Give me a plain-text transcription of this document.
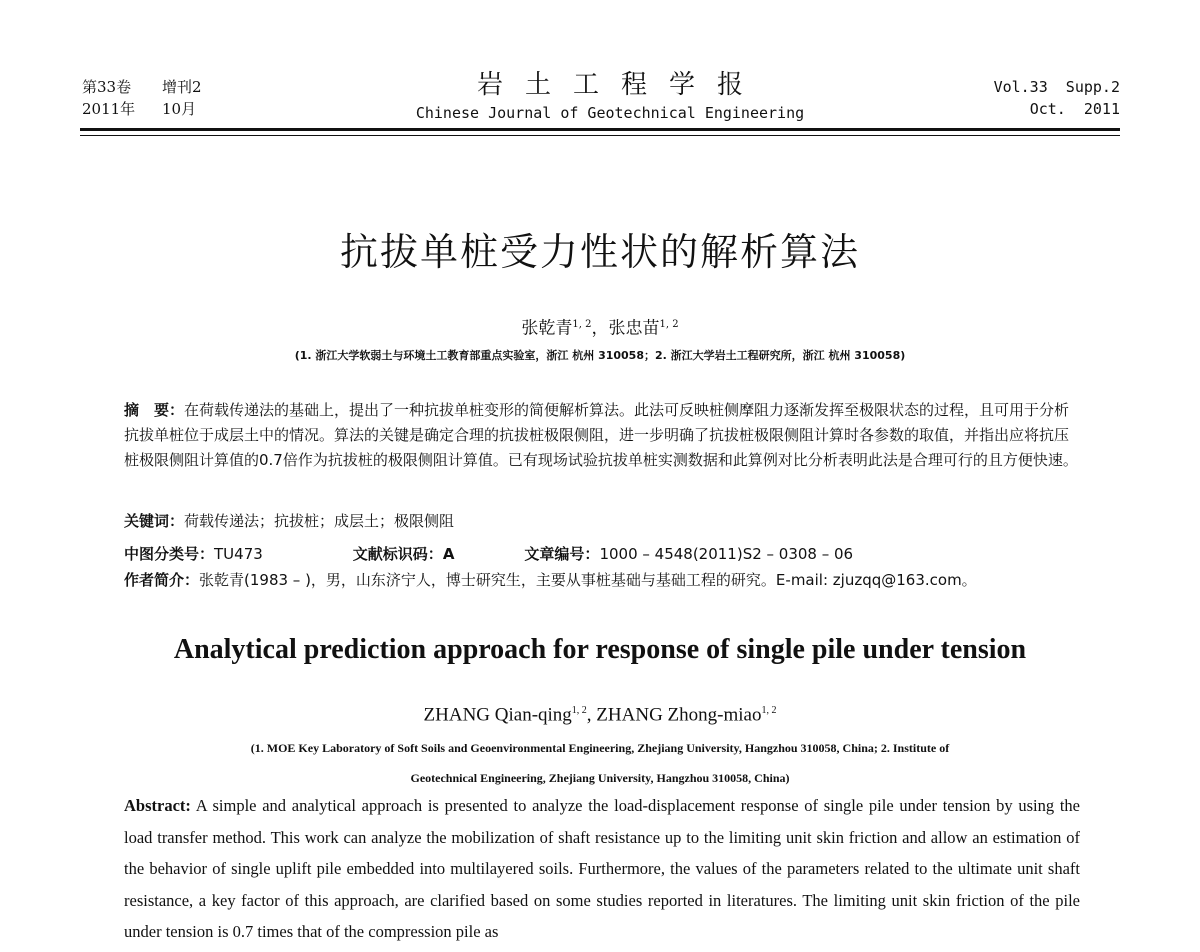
第33卷 增刊2
2011年 10月
岩土工程学报
Chinese Journal of Geotechnical Engineering
Vol.33  Supp.2
Oct.  2011
抗拔单桩受力性状的解析算法
张乾青$^{1, 2}$，张忠苗$^{1, 2}$
(1. 浙江大学软弱土与环境土工教育部重点实验室，浙江 杭州 310058；2. 浙江大学岩土工程研究所，浙江 杭州 310058)
摘　要：在荷载传递法的基础上，提出了一种抗拔单桩变形的简便解析算法。此法可反映桩侧摩阻力逐渐发挥至极限状态的过程，且可用于分析抗拔单桩位于成层土中的情况。算法的关键是确定合理的抗拔桩极限侧阻，进一步明确了抗拔桩极限侧阻计算时各参数的取值，并指出应将抗压桩极限侧阻计算值的0.7倍作为抗拔桩的极限侧阻计算值。已有现场试验抗拔单桩实测数据和此算例对比分析表明此法是合理可行的且方便快速。
关键词：荷载传递法；抗拔桩；成层土；极限侧阻
中图分类号：TU473	文献标识码：A	文章编号：1000 – 4548(2011)S2 – 0308 – 06
作者简介：张乾青(1983 – )，男，山东济宁人，博士研究生，主要从事桩基础与基础工程的研究。E-mail: zjuzqq@163.com。
Analytical prediction approach for response of single pile under tension
ZHANG Qian-qing$^{1, 2}$, ZHANG Zhong-miao$^{1, 2}$
(1. MOE Key Laboratory of Soft Soils and Geoenvironmental Engineering, Zhejiang University, Hangzhou 310058, China; 2. Institute of
Geotechnical Engineering, Zhejiang University, Hangzhou 310058, China)
Abstract: A simple and analytical approach is presented to analyze the load-displacement response of single pile under tension by using the load transfer method. This work can analyze the mobilization of shaft resistance up to the limiting unit skin friction and allow an estimation of the behavior of single uplift pile embedded into multilayered soils. Furthermore, the values of the parameters related to the ultimate unit shaft resistance, a key factor of this approach, are clarified based on some studies reported in literatures. The limiting unit skin friction of the pile under tension is 0.7 times that of the compression pile as
